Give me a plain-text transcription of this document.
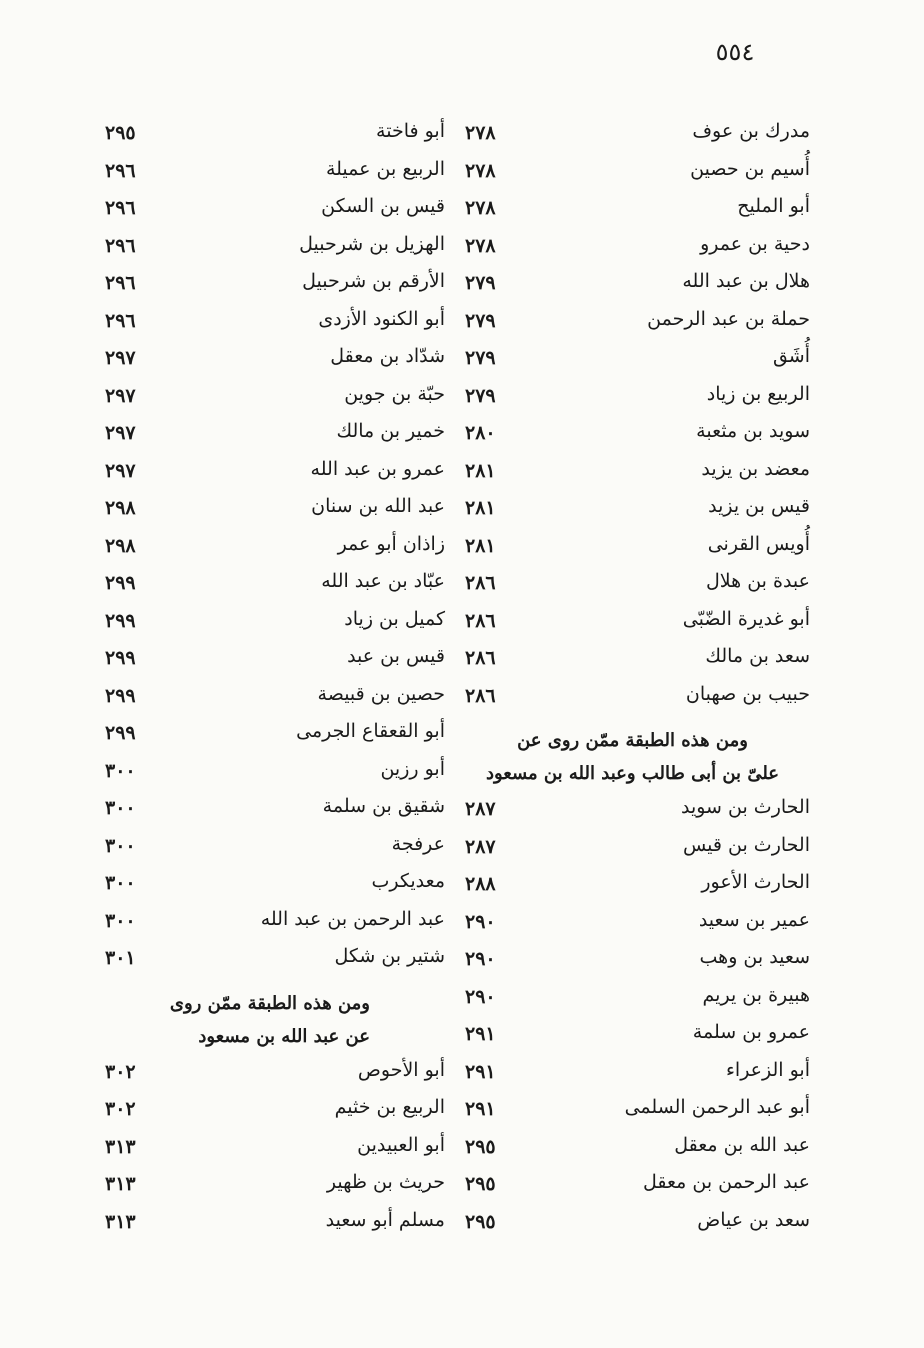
٥٥٤
مدرك بن عوف
٢٧٨
أُسيم بن حصين
٢٧٨
أبو المليح
٢٧٨
دحية بن عمرو
٢٧٨
هلال بن عبد الله
٢٧٩
حملة بن عبد الرحمن
٢٧٩
أُشَق
٢٧٩
الربيع بن زياد
٢٧٩
سويد بن مثعبة
٢٨٠
معضد بن يزيد
٢٨١
قيس بن يزيد
٢٨١
أُويس القرنى
٢٨١
عبدة بن هلال
٢٨٦
أبو غديرة الضّبّى
٢٨٦
سعد بن مالك
٢٨٦
حبيب بن صهبان
٢٨٦
ومن هذه الطبقة ممّن روى عن
علىّ بن أبى طالب وعبد الله بن مسعود
الحارث بن سويد
٢٨٧
الحارث بن قيس
٢٨٧
الحارث الأعور
٢٨٨
عمير بن سعيد
٢٩٠
سعيد بن وهب
٢٩٠
هبيرة بن يريم
٢٩٠
عمرو بن سلمة
٢٩١
أبو الزعراء
٢٩١
أبو عبد الرحمن السلمى
٢٩١
عبد الله بن معقل
٢٩٥
عبد الرحمن بن معقل
٢٩٥
سعد بن عياض
٢٩٥
أبو فاختة
٢٩٥
الربيع بن عميلة
٢٩٦
قيس بن السكن
٢٩٦
الهزيل بن شرحبيل
٢٩٦
الأرقم بن شرحبيل
٢٩٦
أبو الكنود الأزدى
٢٩٦
شدّاد بن معقل
٢٩٧
حبّة بن جوين
٢٩٧
خمير بن مالك
٢٩٧
عمرو بن عبد الله
٢٩٧
عبد الله بن سنان
٢٩٨
زاذان أبو عمر
٢٩٨
عبّاد بن عبد الله
٢٩٩
كميل بن زياد
٢٩٩
قيس بن عبد
٢٩٩
حصين بن قبيصة
٢٩٩
أبو القعقاع الجرمى
٢٩٩
أبو رزين
٣٠٠
شقيق بن سلمة
٣٠٠
عرفجة
٣٠٠
معديكرب
٣٠٠
عبد الرحمن بن عبد الله
٣٠٠
شتير بن شكل
٣٠١
ومن هذه الطبقة ممّن روى
عن عبد الله بن مسعود
أبو الأحوص
٣٠٢
الربيع بن خثيم
٣٠٢
أبو العبيدين
٣١٣
حريث بن ظهير
٣١٣
مسلم أبو سعيد
٣١٣
